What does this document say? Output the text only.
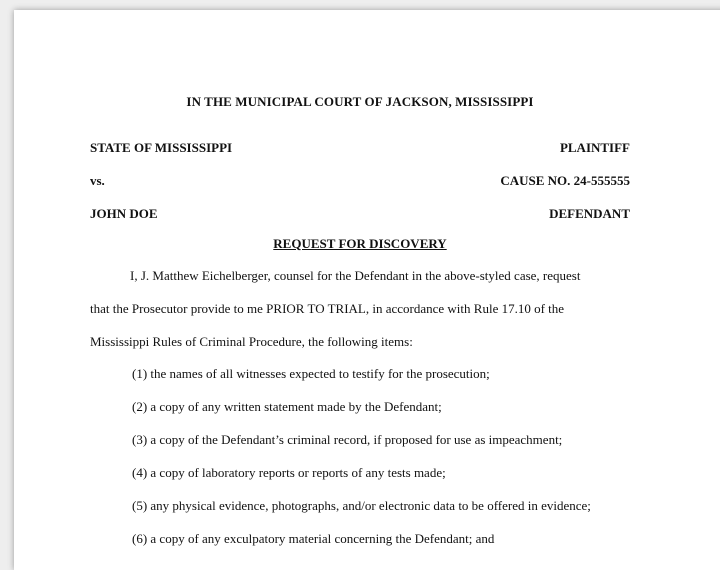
IN THE MUNICIPAL COURT OF JACKSON, MISSISSIPPI
STATE OF MISSISSIPPI	PLAINTIFF
vs.	CAUSE NO. 24-555555
JOHN DOE	DEFENDANT
REQUEST FOR DISCOVERY
I, J. Matthew Eichelberger, counsel for the Defendant in the above-styled case, request
that the Prosecutor provide to me PRIOR TO TRIAL, in accordance with Rule 17.10 of the
Mississippi Rules of Criminal Procedure, the following items:
(1) the names of all witnesses expected to testify for the prosecution;
(2) a copy of any written statement made by the Defendant;
(3) a copy of the Defendant’s criminal record, if proposed for use as impeachment;
(4) a copy of laboratory reports or reports of any tests made;
(5) any physical evidence, photographs, and/or electronic data to be offered in evidence;
(6) a copy of any exculpatory material concerning the Defendant; and
